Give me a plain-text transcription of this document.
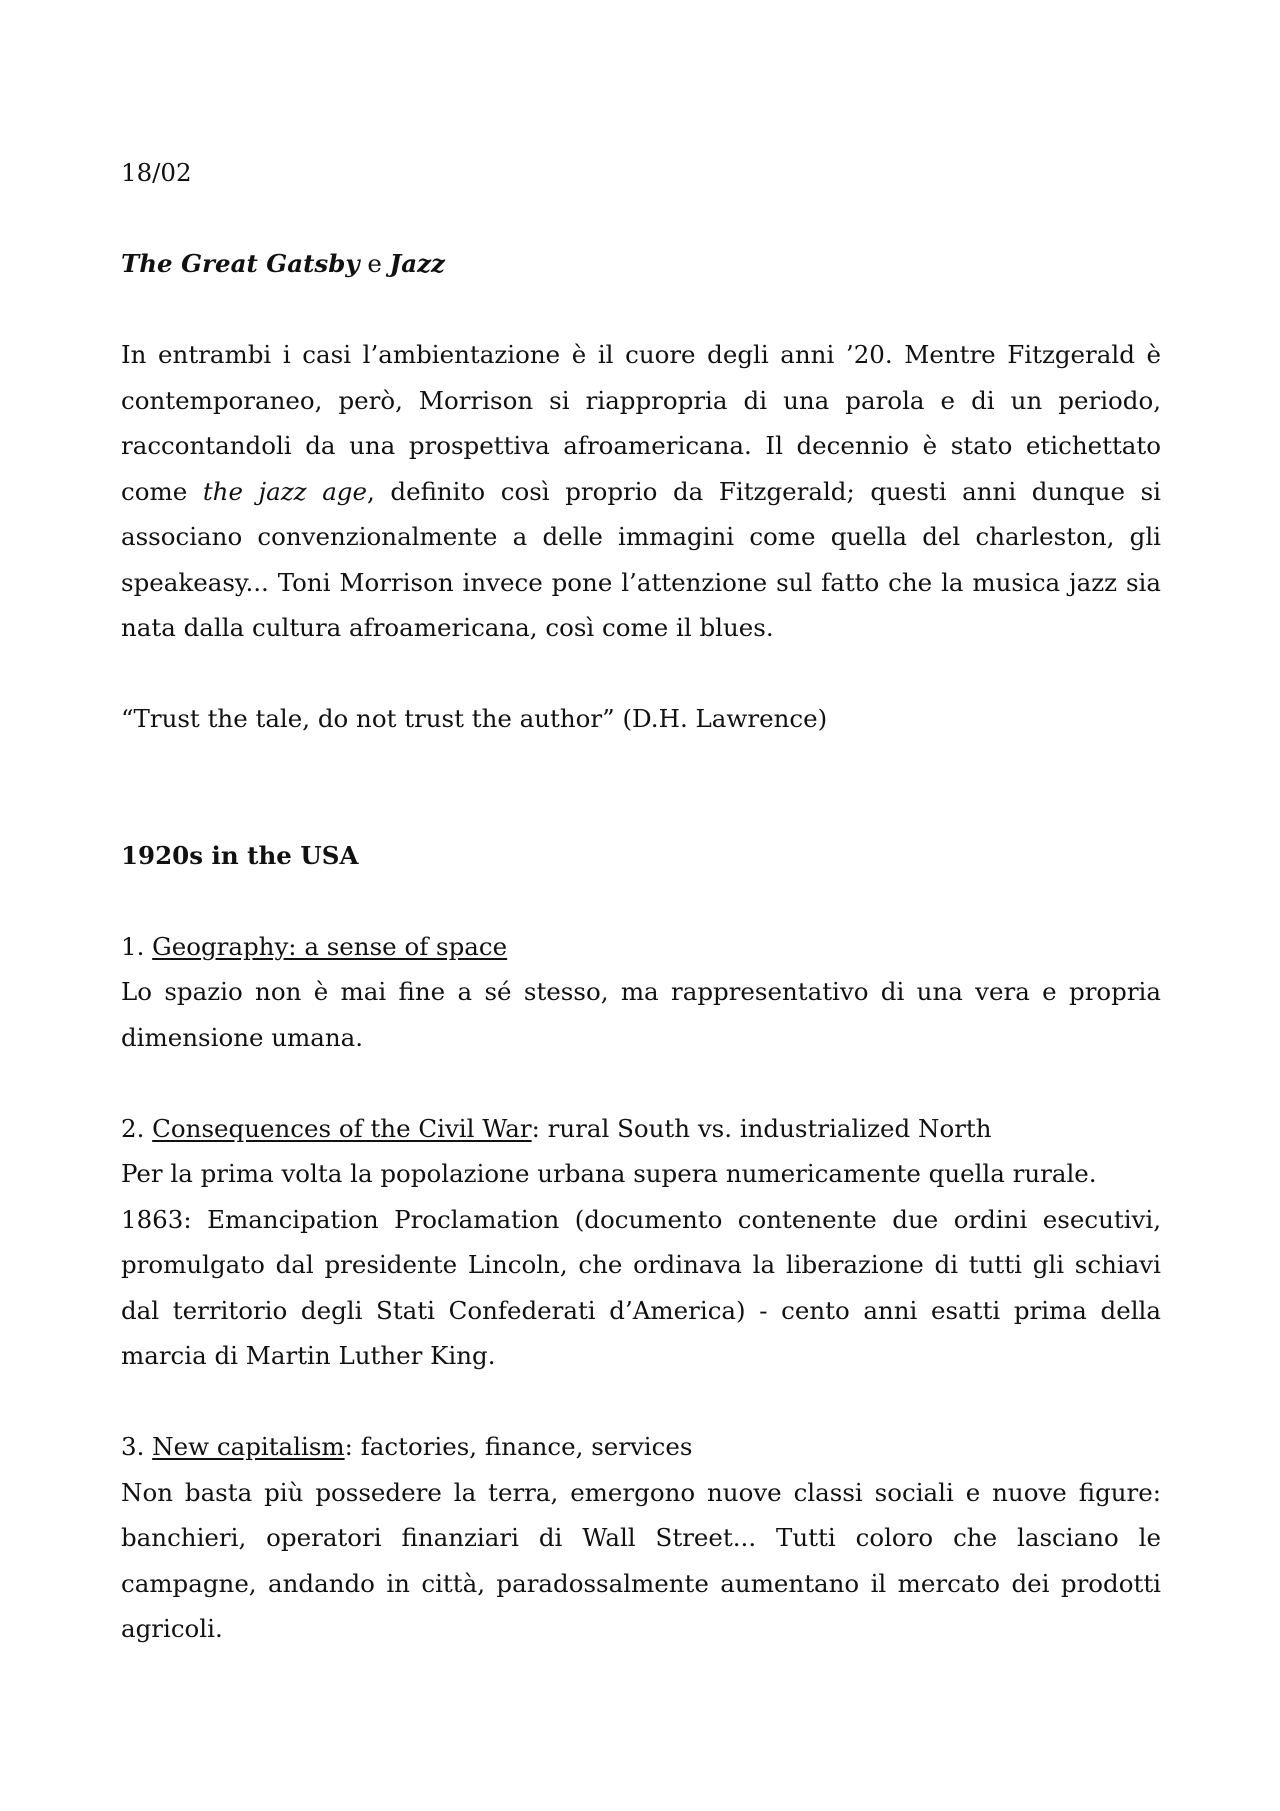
18/02

The Great Gatsby e Jazz

In entrambi i casi l’ambientazione è il cuore degli anni ’20. Mentre Fitzgerald è contemporaneo, però, Morrison si riappropria di una parola e di un periodo, raccontandoli da una prospettiva afroamericana. Il decennio è stato etichettato come the jazz age, definito così proprio da Fitzgerald; questi anni dunque si associano convenzionalmente a delle immagini come quella del charleston, gli speakeasy... Toni Morrison invece pone l’attenzione sul fatto che la musica jazz sia nata dalla cultura afroamericana, così come il blues.

“Trust the tale, do not trust the author” (D.H. Lawrence)

1920s in the USA

1. Geography: a sense of space

Lo spazio non è mai fine a sé stesso, ma rappresentativo di una vera e propria dimensione umana.

2. Consequences of the Civil War: rural South vs. industrialized North

Per la prima volta la popolazione urbana supera numericamente quella rurale.

1863: Emancipation Proclamation (documento contenente due ordini esecutivi, promulgato dal presidente Lincoln, che ordinava la liberazione di tutti gli schiavi dal territorio degli Stati Confederati d’America) - cento anni esatti prima della marcia di Martin Luther King.

3. New capitalism: factories, finance, services

Non basta più possedere la terra, emergono nuove classi sociali e nuove figure: banchieri, operatori finanziari di Wall Street... Tutti coloro che lasciano le campagne, andando in città, paradossalmente aumentano il mercato dei prodotti agricoli.
